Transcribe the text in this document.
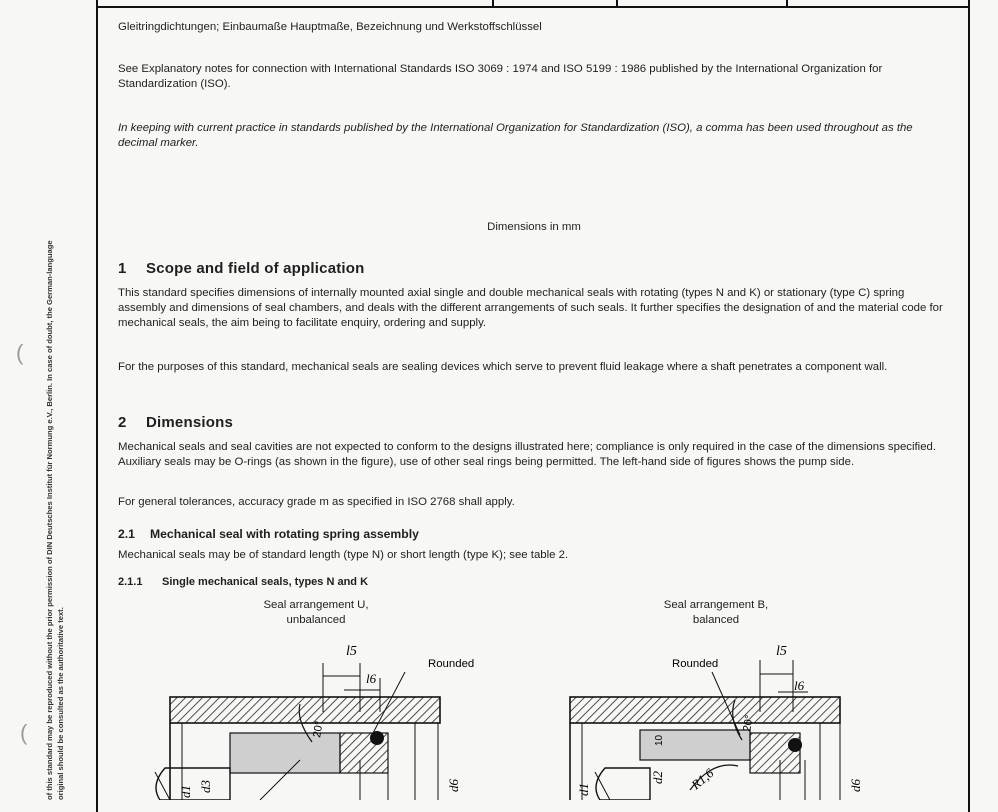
of this standard may be reproduced without the prior permission of DIN Deutsches Institut für Normung e.V., Berlin. In case of doubt, the German-language original should be consulted as the authoritative text.
(
(
Gleitringdichtungen; Einbaumaße Hauptmaße, Bezeichnung und Werkstoffschlüssel
See Explanatory notes for connection with International Standards ISO 3069 : 1974 and ISO 5199 : 1986 published by the International Organization for Standardization (ISO).
In keeping with current practice in standards published by the International Organization for Standardization (ISO), a comma has been used throughout as the decimal marker.
Dimensions in mm
1 Scope and field of application
This standard specifies dimensions of internally mounted axial single and double mechanical seals with rotating (types N and K) or stationary (type C) spring assembly and dimensions of seal chambers, and deals with the different arrangements of such seals. It further specifies the designation of and the material code for mechanical seals, the aim being to facilitate enquiry, ordering and supply.
For the purposes of this standard, mechanical seals are sealing devices which serve to prevent fluid leakage where a shaft penetrates a component wall.
2 Dimensions
Mechanical seals and seal cavities are not expected to conform to the designs illustrated here; compliance is only required in the case of the dimensions specified. Auxiliary seals may be O-rings (as shown in the figure), use of other seal rings being permitted. The left-hand side of figures shows the pump side.
For general tolerances, accuracy grade m as specified in ISO 2768 shall apply.
2.1 Mechanical seal with rotating spring assembly
Mechanical seals may be of standard length (type N) or short length (type K); see table 2.
2.1.1 Single mechanical seals, types N and K
Seal arrangement U,
unbalanced
Seal arrangement B,
balanced
Rounded
l5
l6
20°
d3	d6
d1
Rounded
l5
l6
20°
R1,6
d1
d2
10
d6
